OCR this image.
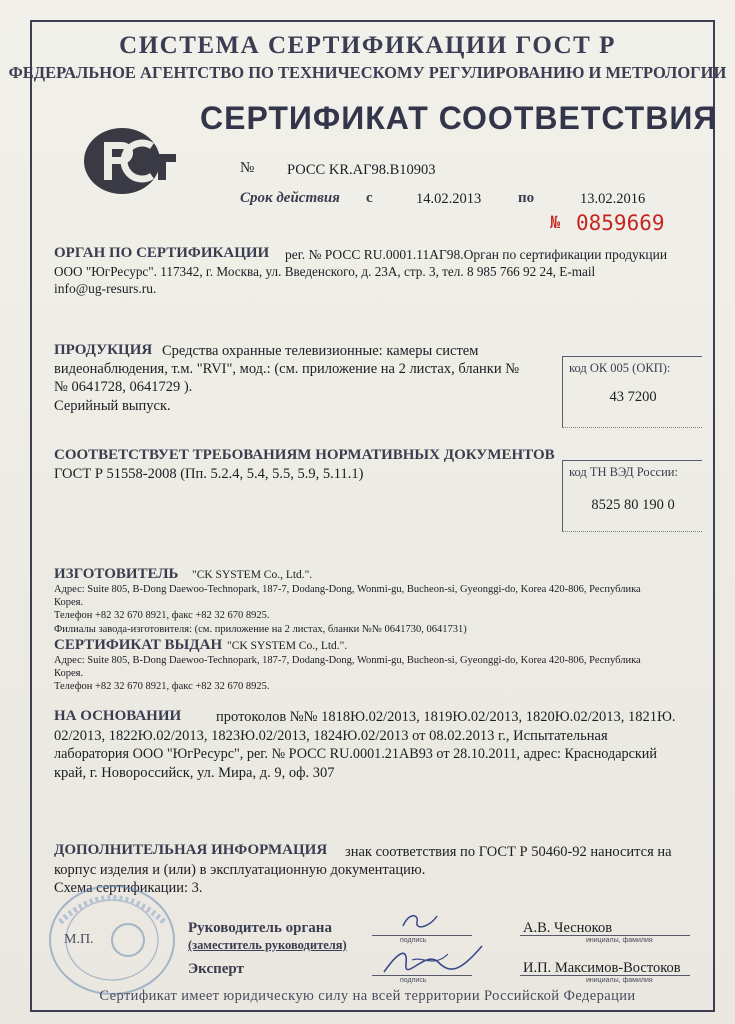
СИСТЕМА СЕРТИФИКАЦИИ ГОСТ Р
ФЕДЕРАЛЬНОЕ АГЕНТСТВО ПО ТЕХНИЧЕСКОМУ РЕГУЛИРОВАНИЮ И МЕТРОЛОГИИ
СЕРТИФИКАТ СООТВЕТСТВИЯ
№ РОСС KR.АГ98.В10903
Срок действия с	14.02.2013 по	13.02.2016
№ 0859669
ОРГАН ПО СЕРТИФИКАЦИИ рег. № РОСС RU.0001.11АГ98.Орган по сертификации продукции
ООО "ЮгРесурс". 117342, г. Москва, ул. Введенского, д. 23А, стр. 3, тел. 8 985 766 92 24, E-mail
info@ug-resurs.ru.
ПРОДУКЦИЯ Средства охранные телевизионные: камеры систем
видеонаблюдения, т.м. "RVI", мод.: (см. приложение на 2 листах, бланки №
№ 0641728, 0641729 ).
Серийный выпуск.
код ОК 005 (ОКП):
43 7200
СООТВЕТСТВУЕТ ТРЕБОВАНИЯМ НОРМАТИВНЫХ ДОКУМЕНТОВ
ГОСТ Р 51558-2008 (Пп. 5.2.4, 5.4, 5.5, 5.9, 5.11.1)	код ТН ВЭД России:
8525 80 190 0
ИЗГОТОВИТЕЛЬ "CK SYSTEM Co., Ltd.".
Адрес: Suite 805, B-Dong Daewoo-Technopark, 187-7, Dodang-Dong, Wonmi-gu, Bucheon-si, Gyeonggi-do, Korea 420-806, Республика
Корея.
Телефон +82 32 670 8921, факс +82 32 670 8925.
Филиалы завода-изготовителя: (см. приложение на 2 листах, бланки №№ 0641730, 0641731)
СЕРТИФИКАТ ВЫДАН "CK SYSTEM Co., Ltd.".
Адрес: Suite 805, B-Dong Daewoo-Technopark, 187-7, Dodang-Dong, Wonmi-gu, Bucheon-si, Gyeonggi-do, Korea 420-806, Республика
Корея.
Телефон +82 32 670 8921, факс +82 32 670 8925.
НА ОСНОВАНИИ протоколов №№ 1818Ю.02/2013, 1819Ю.02/2013, 1820Ю.02/2013, 1821Ю.
02/2013, 1822Ю.02/2013, 1823Ю.02/2013, 1824Ю.02/2013 от 08.02.2013 г., Испытательная
лаборатория ООО "ЮгРесурс", рег. № РОСС RU.0001.21АВ93 от 28.10.2011, адрес: Краснодарский
край, г. Новороссийск, ул. Мира, д. 9, оф. 307
ДОПОЛНИТЕЛЬНАЯ ИНФОРМАЦИЯ знак соответствия по ГОСТ Р 50460-92 наносится на
корпус изделия и (или) в эксплуатационную документацию.
Схема сертификации: 3.
М.П.
Руководитель органа
(заместитель руководителя)	подпись
А.В. Чесноков
инициалы, фамилия
Эксперт
подпись
И.П. Максимов-Востоков
инициалы, фамилия
Сертификат имеет юридическую силу на всей территории Российской Федерации
